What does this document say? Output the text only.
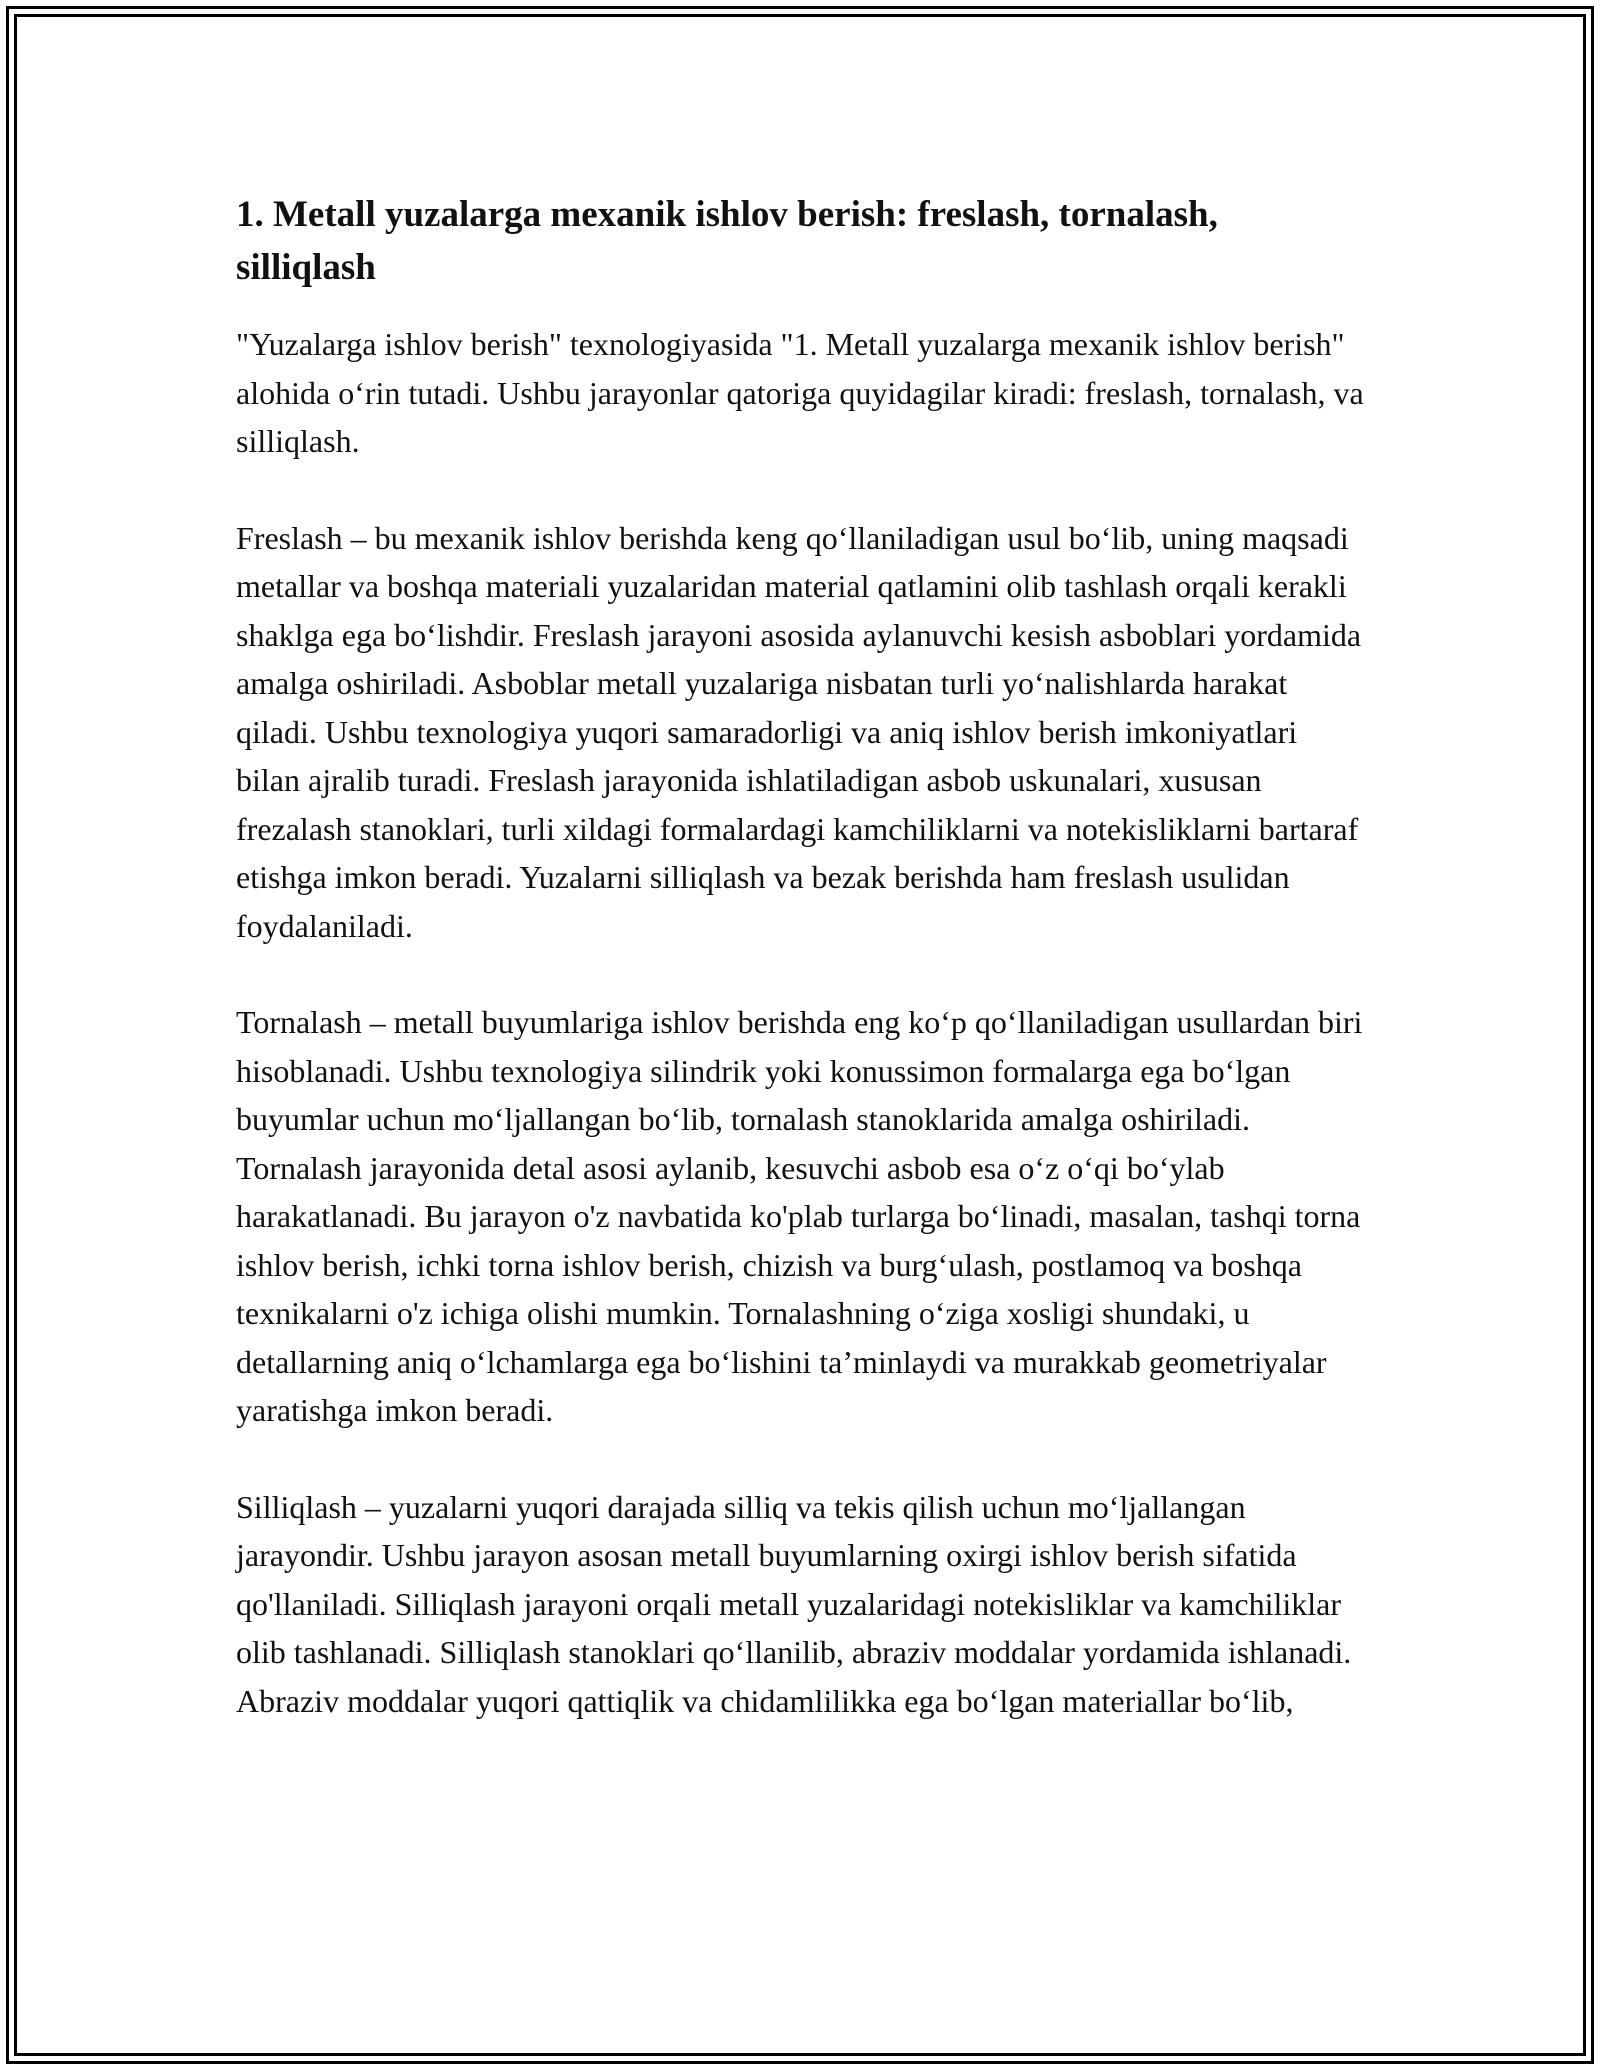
1. Metall yuzalarga mexanik ishlov berish: freslash, tornalash, silliqlash

"Yuzalarga ishlov berish" texnologiyasida "1. Metall yuzalarga mexanik ishlov berish" alohida o‘rin tutadi. Ushbu jarayonlar qatoriga quyidagilar kiradi: freslash, tornalash, va silliqlash.

Freslash – bu mexanik ishlov berishda keng qo‘llaniladigan usul bo‘lib, uning maqsadi metallar va boshqa materiali yuzalaridan material qatlamini olib tashlash orqali kerakli shaklga ega bo‘lishdir. Freslash jarayoni asosida aylanuvchi kesish asboblari yordamida amalga oshiriladi. Asboblar metall yuzalariga nisbatan turli yo‘nalishlarda harakat qiladi. Ushbu texnologiya yuqori samaradorligi va aniq ishlov berish imkoniyatlari bilan ajralib turadi. Freslash jarayonida ishlatiladigan asbob uskunalari, xususan frezalash stanoklari, turli xildagi formalardagi kamchiliklarni va notekisliklarni bartaraf etishga imkon beradi. Yuzalarni silliqlash va bezak berishda ham freslash usulidan foydalaniladi.

Tornalash – metall buyumlariga ishlov berishda eng ko‘p qo‘llaniladigan usullardan biri hisoblanadi. Ushbu texnologiya silindrik yoki konussimon formalarga ega bo‘lgan buyumlar uchun mo‘ljallangan bo‘lib, tornalash stanoklarida amalga oshiriladi. Tornalash jarayonida detal asosi aylanib, kesuvchi asbob esa o‘z o‘qi bo‘ylab harakatlanadi. Bu jarayon o'z navbatida ko'plab turlarga bo‘linadi, masalan, tashqi torna ishlov berish, ichki torna ishlov berish, chizish va burg‘ulash, postlamoq va boshqa texnikalarni o'z ichiga olishi mumkin. Tornalashning o‘ziga xosligi shundaki, u detallarning aniq o‘lchamlarga ega bo‘lishini ta’minlaydi va murakkab geometriyalar yaratishga imkon beradi.

Silliqlash – yuzalarni yuqori darajada silliq va tekis qilish uchun mo‘ljallangan jarayondir. Ushbu jarayon asosan metall buyumlarning oxirgi ishlov berish sifatida qo'llaniladi. Silliqlash jarayoni orqali metall yuzalaridagi notekisliklar va kamchiliklar olib tashlanadi. Silliqlash stanoklari qo‘llanilib, abraziv moddalar yordamida ishlanadi. Abraziv moddalar yuqori qattiqlik va chidamlilikka ega bo‘lgan materiallar bo‘lib,
